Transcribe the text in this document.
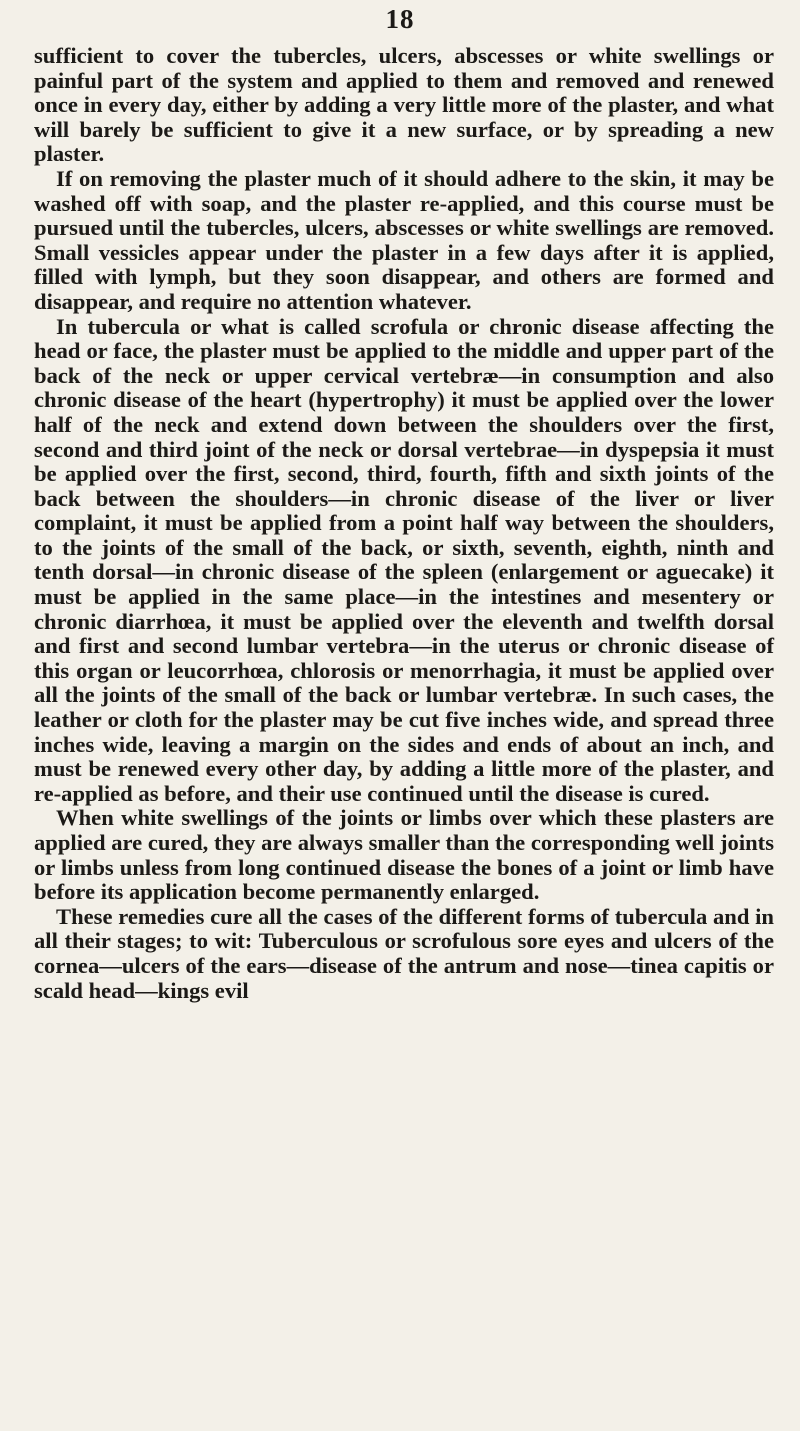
18

sufficient to cover the tubercles, ulcers, abscesses or white swellings or painful part of the system and applied to them and removed and renewed once in every day, either by adding a very little more of the plaster, and what will barely be sufficient to give it a new surface, or by spreading a new plaster.

If on removing the plaster much of it should adhere to the skin, it may be washed off with soap, and the plaster re-applied, and this course must be pursued until the tubercles, ulcers, abscesses or white swellings are removed. Small vessicles appear under the plaster in a few days after it is applied, filled with lymph, but they soon disappear, and others are formed and disappear, and require no attention whatever.

In tubercula or what is called scrofula or chronic disease affecting the head or face, the plaster must be applied to the middle and upper part of the back of the neck or upper cervical vertebræ—in consumption and also chronic disease of the heart (hypertrophy) it must be applied over the lower half of the neck and extend down between the shoulders over the first, second and third joint of the neck or dorsal vertebrae—in dyspepsia it must be applied over the first, second, third, fourth, fifth and sixth joints of the back between the shoulders—in chronic disease of the liver or liver complaint, it must be applied from a point half way between the shoulders, to the joints of the small of the back, or sixth, seventh, eighth, ninth and tenth dorsal—in chronic disease of the spleen (enlargement or aguecake) it must be applied in the same place—in the intestines and mesentery or chronic diarrhœa, it must be applied over the eleventh and twelfth dorsal and first and second lumbar vertebra—in the uterus or chronic disease of this organ or leucorrhœa, chlorosis or menorrhagia, it must be applied over all the joints of the small of the back or lumbar vertebræ. In such cases, the leather or cloth for the plaster may be cut five inches wide, and spread three inches wide, leaving a margin on the sides and ends of about an inch, and must be renewed every other day, by adding a little more of the plaster, and re-applied as before, and their use continued until the disease is cured.

When white swellings of the joints or limbs over which these plasters are applied are cured, they are always smaller than the corresponding well joints or limbs unless from long continued disease the bones of a joint or limb have before its application become permanently enlarged.

These remedies cure all the cases of the different forms of tubercula and in all their stages; to wit: Tuberculous or scrofulous sore eyes and ulcers of the cornea—ulcers of the ears—disease of the antrum and nose—tinea capitis or scald head—kings evil
